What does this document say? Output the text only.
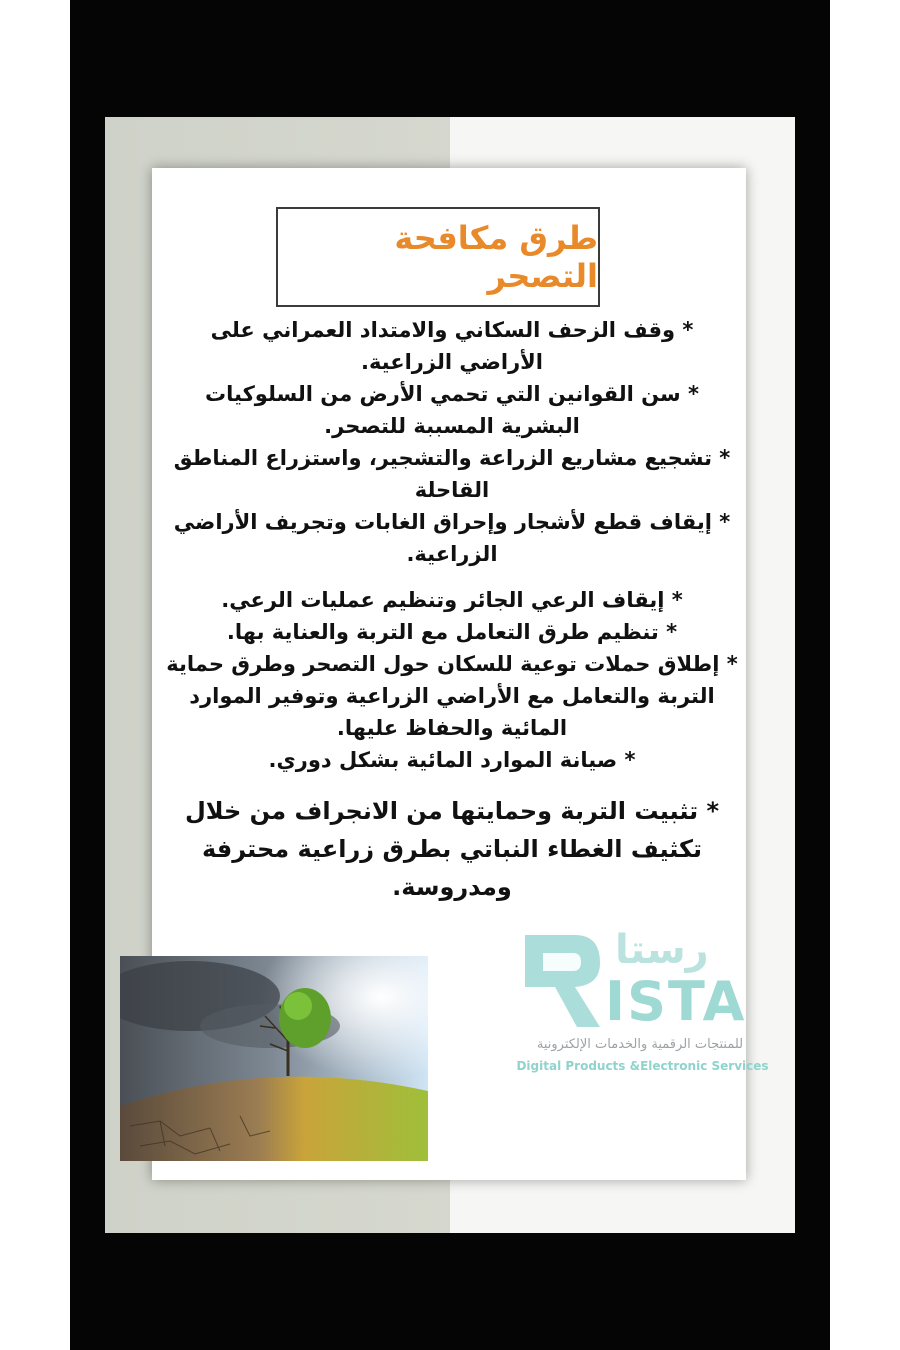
طرق مكافحة التصحر

* وقف الزحف السكاني والامتداد العمراني على الأراضي الزراعية.

* سن القوانين التي تحمي الأرض من السلوكيات البشرية المسببة للتصحر.

* تشجيع مشاريع الزراعة والتشجير، واستزراع المناطق القاحلة

* إيقاف قطع لأشجار وإحراق الغابات وتجريف الأراضي الزراعية.

* إيقاف الرعي الجائر وتنظيم عمليات الرعي.

* تنظيم طرق التعامل مع التربة والعناية بها.

* إطلاق حملات توعية للسكان حول التصحر وطرق حماية التربة والتعامل مع الأراضي الزراعية وتوفير الموارد المائية والحفاظ عليها.

* صيانة الموارد المائية بشكل دوري.

* تثبيت التربة وحمايتها من الانجراف من خلال تكثيف الغطاء النباتي بطرق زراعية محترفة ومدروسة.

رستا
ISTA
للمنتجات الرقمية والخدمات الإلكترونية
Digital Products &Electronic Services
